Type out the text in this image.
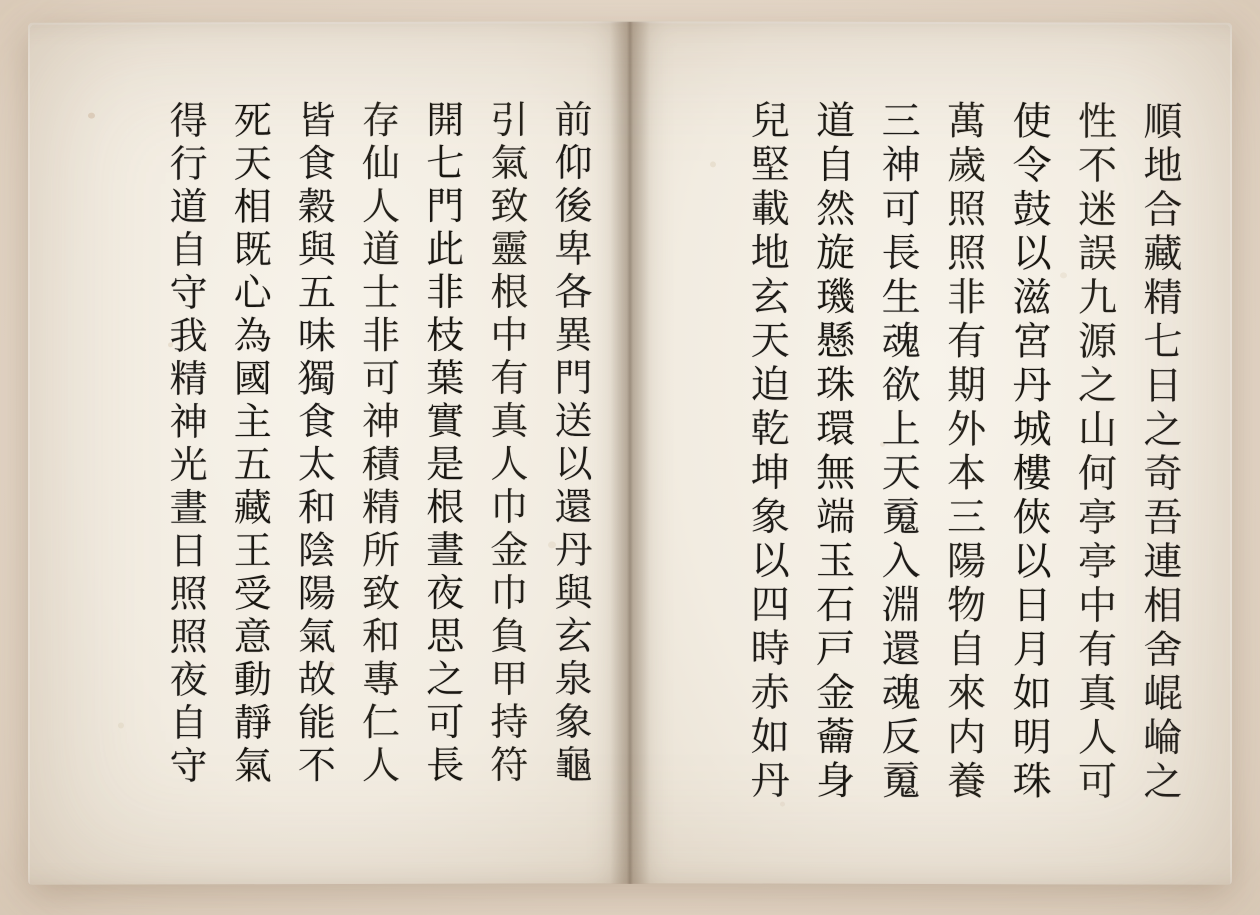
前仰後卑各異門送以還丹與玄泉象龜
引氣致靈根中有真人巾金巾負甲持符
開七門此非枝葉實是根晝夜思之可長
存仙人道士非可神積精所致和專仁人
皆食穀與五味獨食太和陰陽氣故能不
死天相既心為國主五藏王受意動靜氣
得行道自守我精神光晝日照照夜自守	順地合藏精七日之奇吾連相舍崐崘之
性不迷誤九源之山何亭亭中有真人可
使令鼓以滋宮丹城樓俠以日月如明珠
萬歲照照非有期外本三陽物自來内養
三神可長生魂欲上天䰟入淵還魂反䰟
道自然旋璣懸珠環無端玉石戸金蘥身
兒堅載地玄天迫乾坤象以四時赤如丹
